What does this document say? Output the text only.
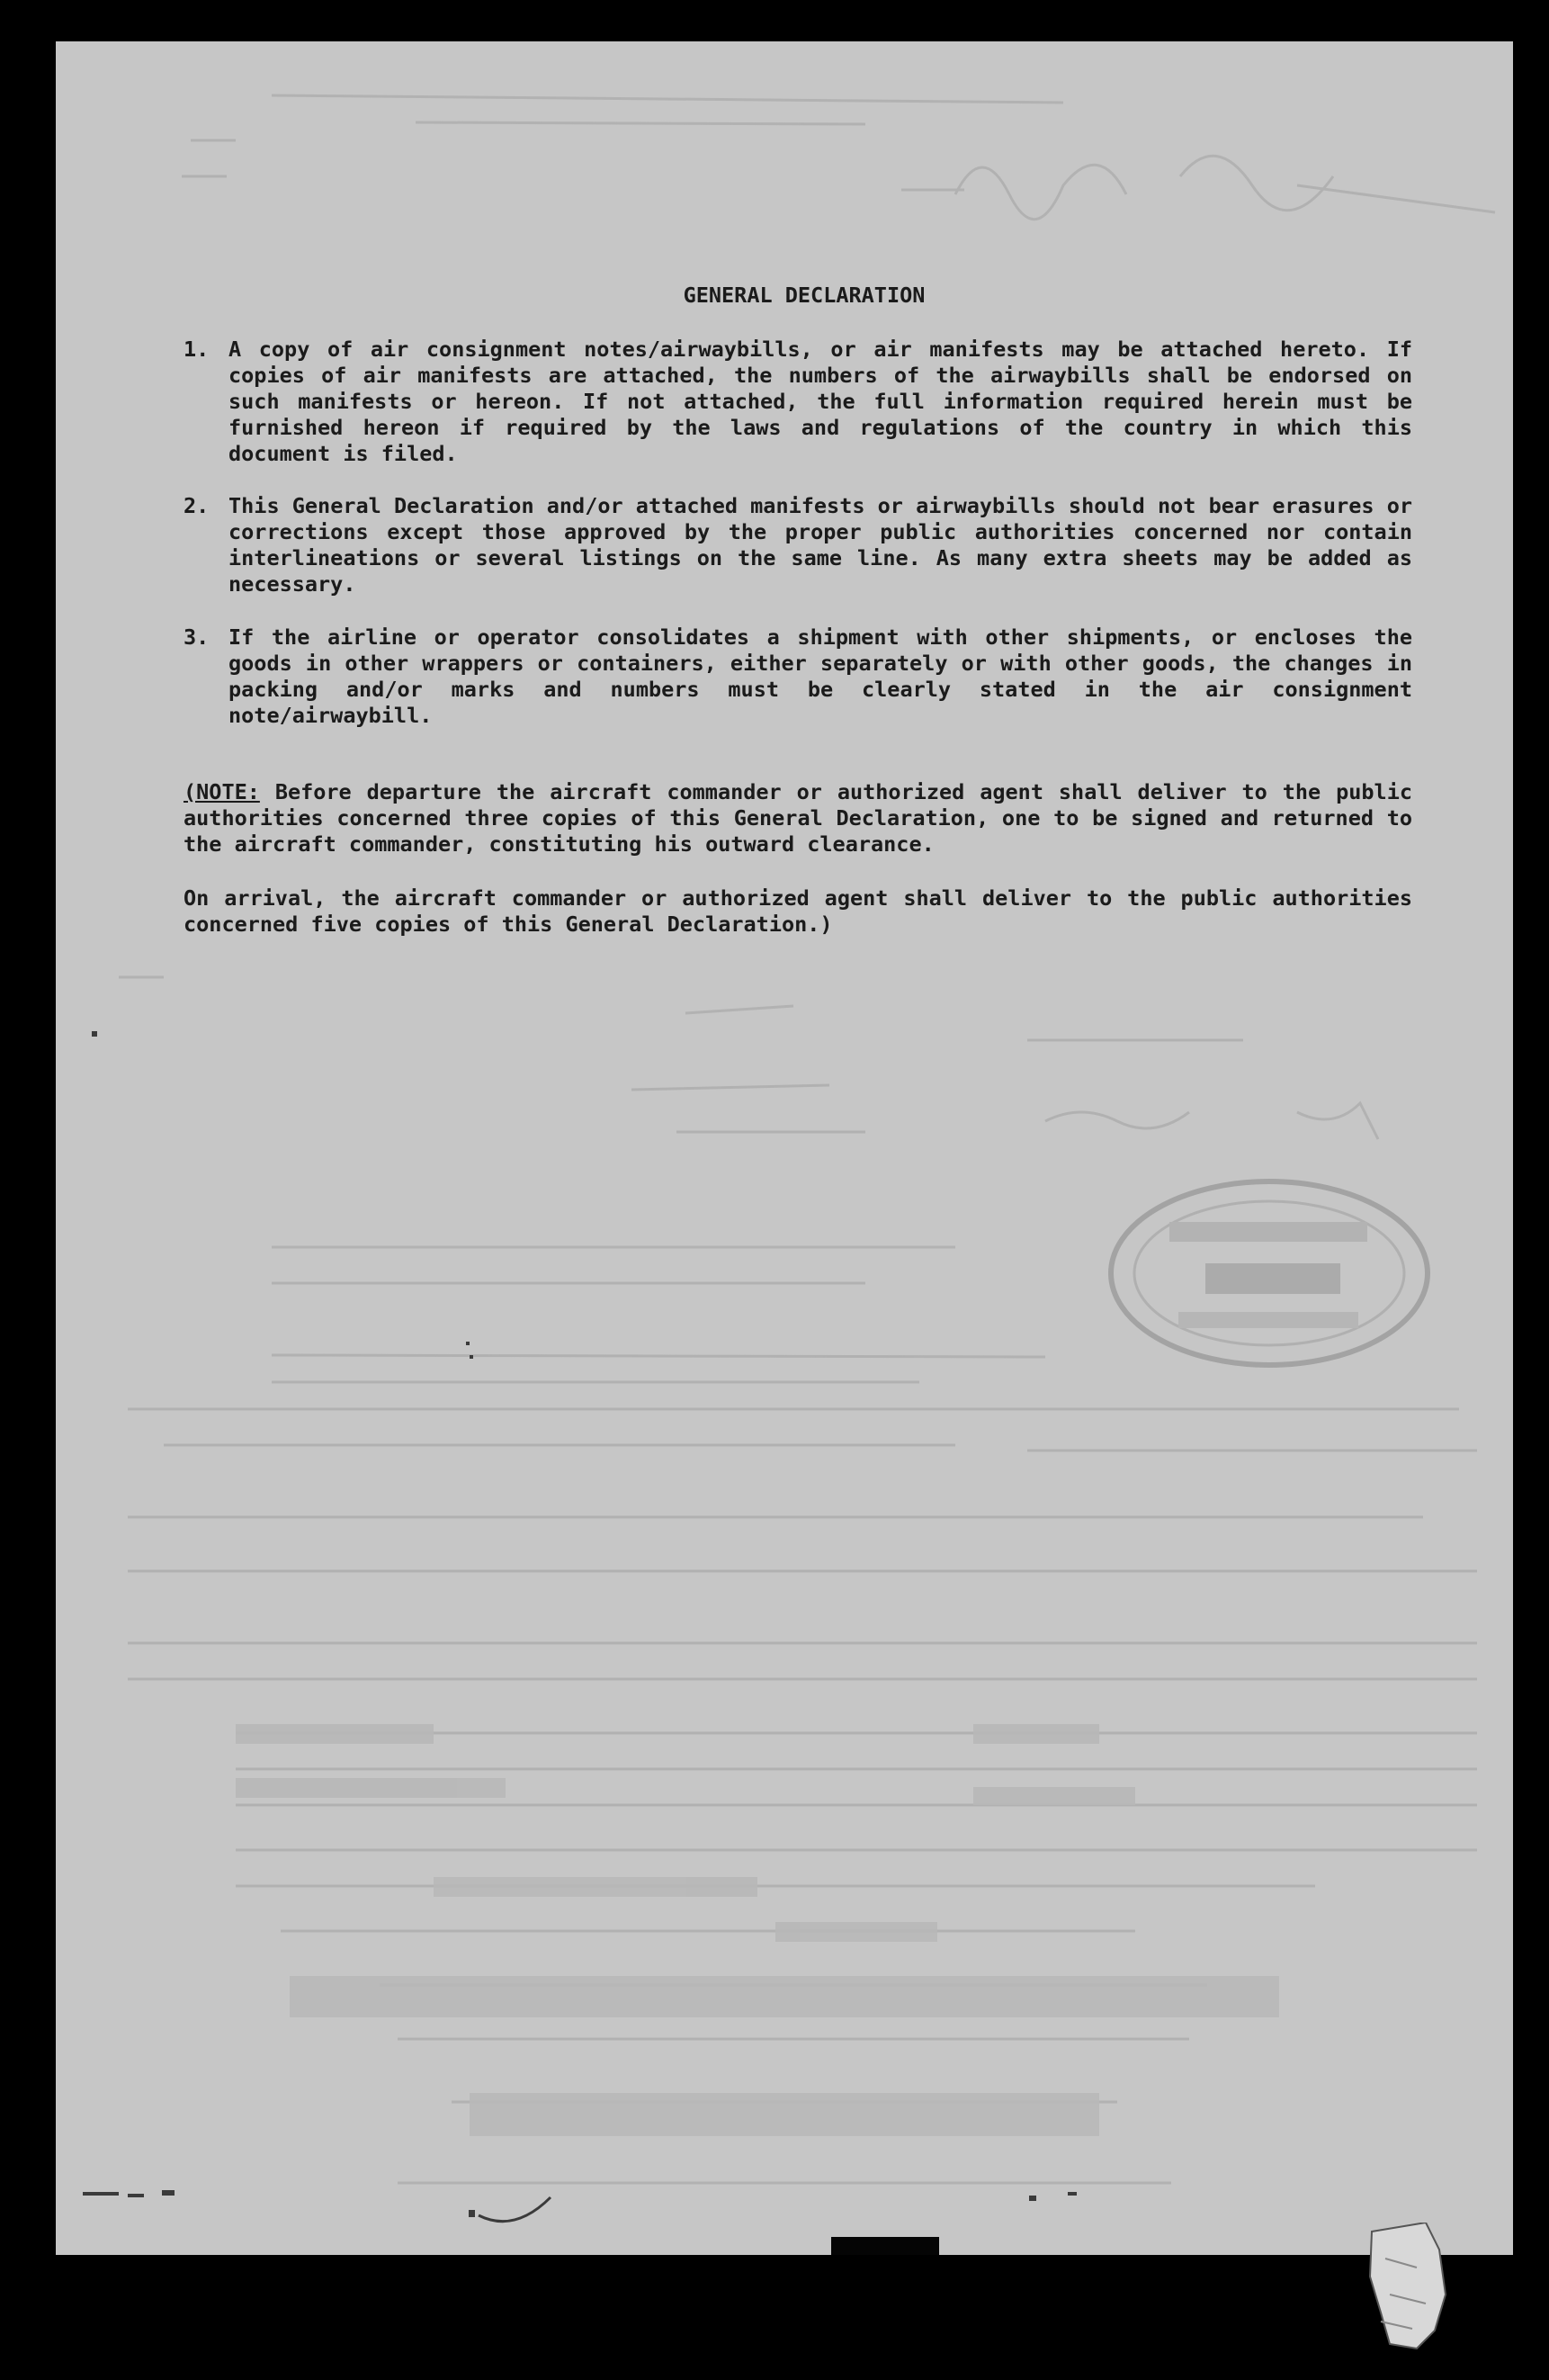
GENERAL DECLARATION
1. A copy of air consignment notes/airwaybills, or air manifests may be attached hereto. If copies of air manifests are attached, the numbers of the airwaybills shall be endorsed on such manifests or hereon. If not attached, the full information required herein must be furnished hereon if required by the laws and regulations of the country in which this document is filed.

2. This General Declaration and/or attached manifests or airwaybills should not bear erasures or corrections except those approved by the proper public authorities concerned nor contain interlineations or several listings on the same line. As many extra sheets may be added as necessary.

3. If the airline or operator consolidates a shipment with other shipments, or encloses the goods in other wrappers or containers, either separately or with other goods, the changes in packing and/or marks and numbers must be clearly stated in the air consignment note/airwaybill.

(NOTE: Before departure the aircraft commander or authorized agent shall deliver to the public authorities concerned three copies of this General Declaration, one to be signed and returned to the aircraft commander, constituting his outward clearance.

On arrival, the aircraft commander or authorized agent shall deliver to the public authorities concerned five copies of this General Declaration.)
